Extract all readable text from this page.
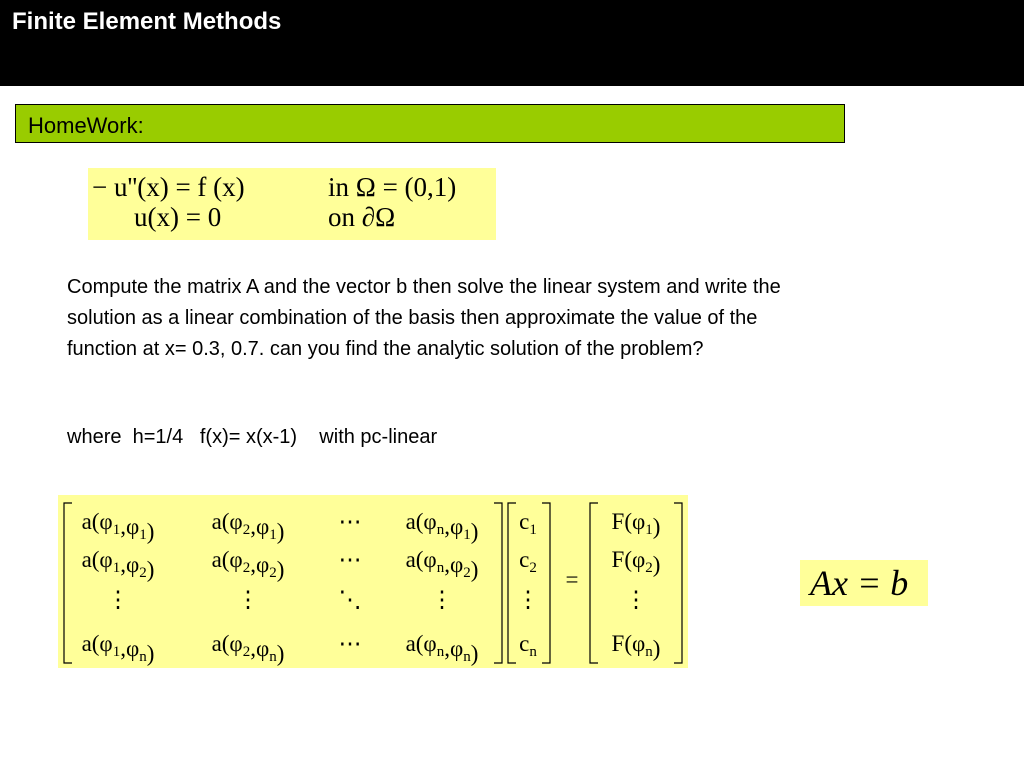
Finite Element Methods
HomeWork:
− u''(x) = f (x)	in Ω = (0,1)
u(x) = 0	on ∂Ω

Compute the matrix A and the vector b then solve the linear system and write the solution as a linear combination of the basis then approximate the value of the function at x= 0.3, 0.7. can you find the analytic solution of the problem?

where  h=1/4   f(x)= x(x-1)    with pc-linear
$a(\varphi_1,\varphi_1)$ $a(\varphi_2,\varphi_1)$ ⋯ $a(\varphi_n,\varphi_1)$
$a(\varphi_1,\varphi_2)$ $a(\varphi_2,\varphi_2)$ ⋯ $a(\varphi_n,\varphi_2)$
⋮	⋮	⋱	⋮
$a(\varphi_1,\varphi_n)$ $a(\varphi_2,\varphi_n)$ ⋯ $a(\varphi_n,\varphi_n)$
$c_1$
$c_2$
⋮
$c_n$
=
$F(\varphi_1)$
$F(\varphi_2)$
⋮
$F(\varphi_n)$
Ax = b
